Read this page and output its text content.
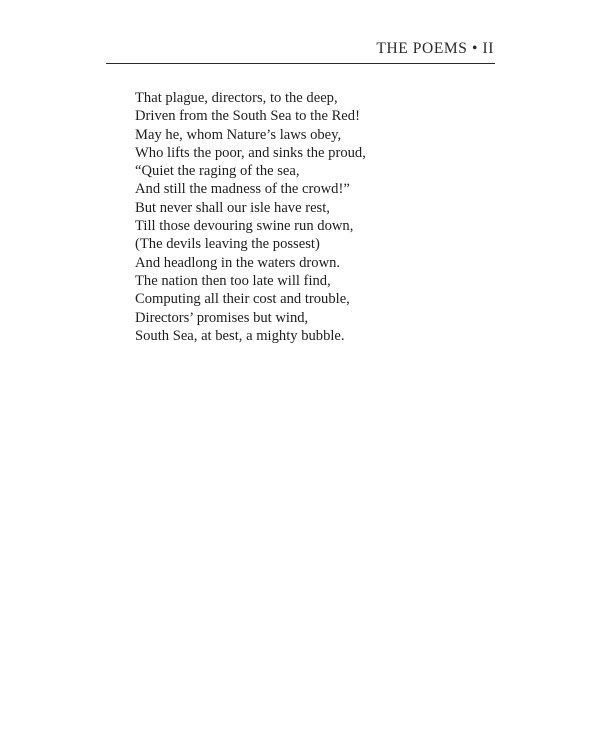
THE POEMS • II
That plague, directors, to the deep,
Driven from the South Sea to the Red!
May he, whom Nature’s laws obey,
Who lifts the poor, and sinks the proud,
“Quiet the raging of the sea,
And still the madness of the crowd!”
But never shall our isle have rest,
Till those devouring swine run down,
(The devils leaving the possest)
And headlong in the waters drown.
The nation then too late will find,
Computing all their cost and trouble,
Directors’ promises but wind,
South Sea, at best, a mighty bubble.
